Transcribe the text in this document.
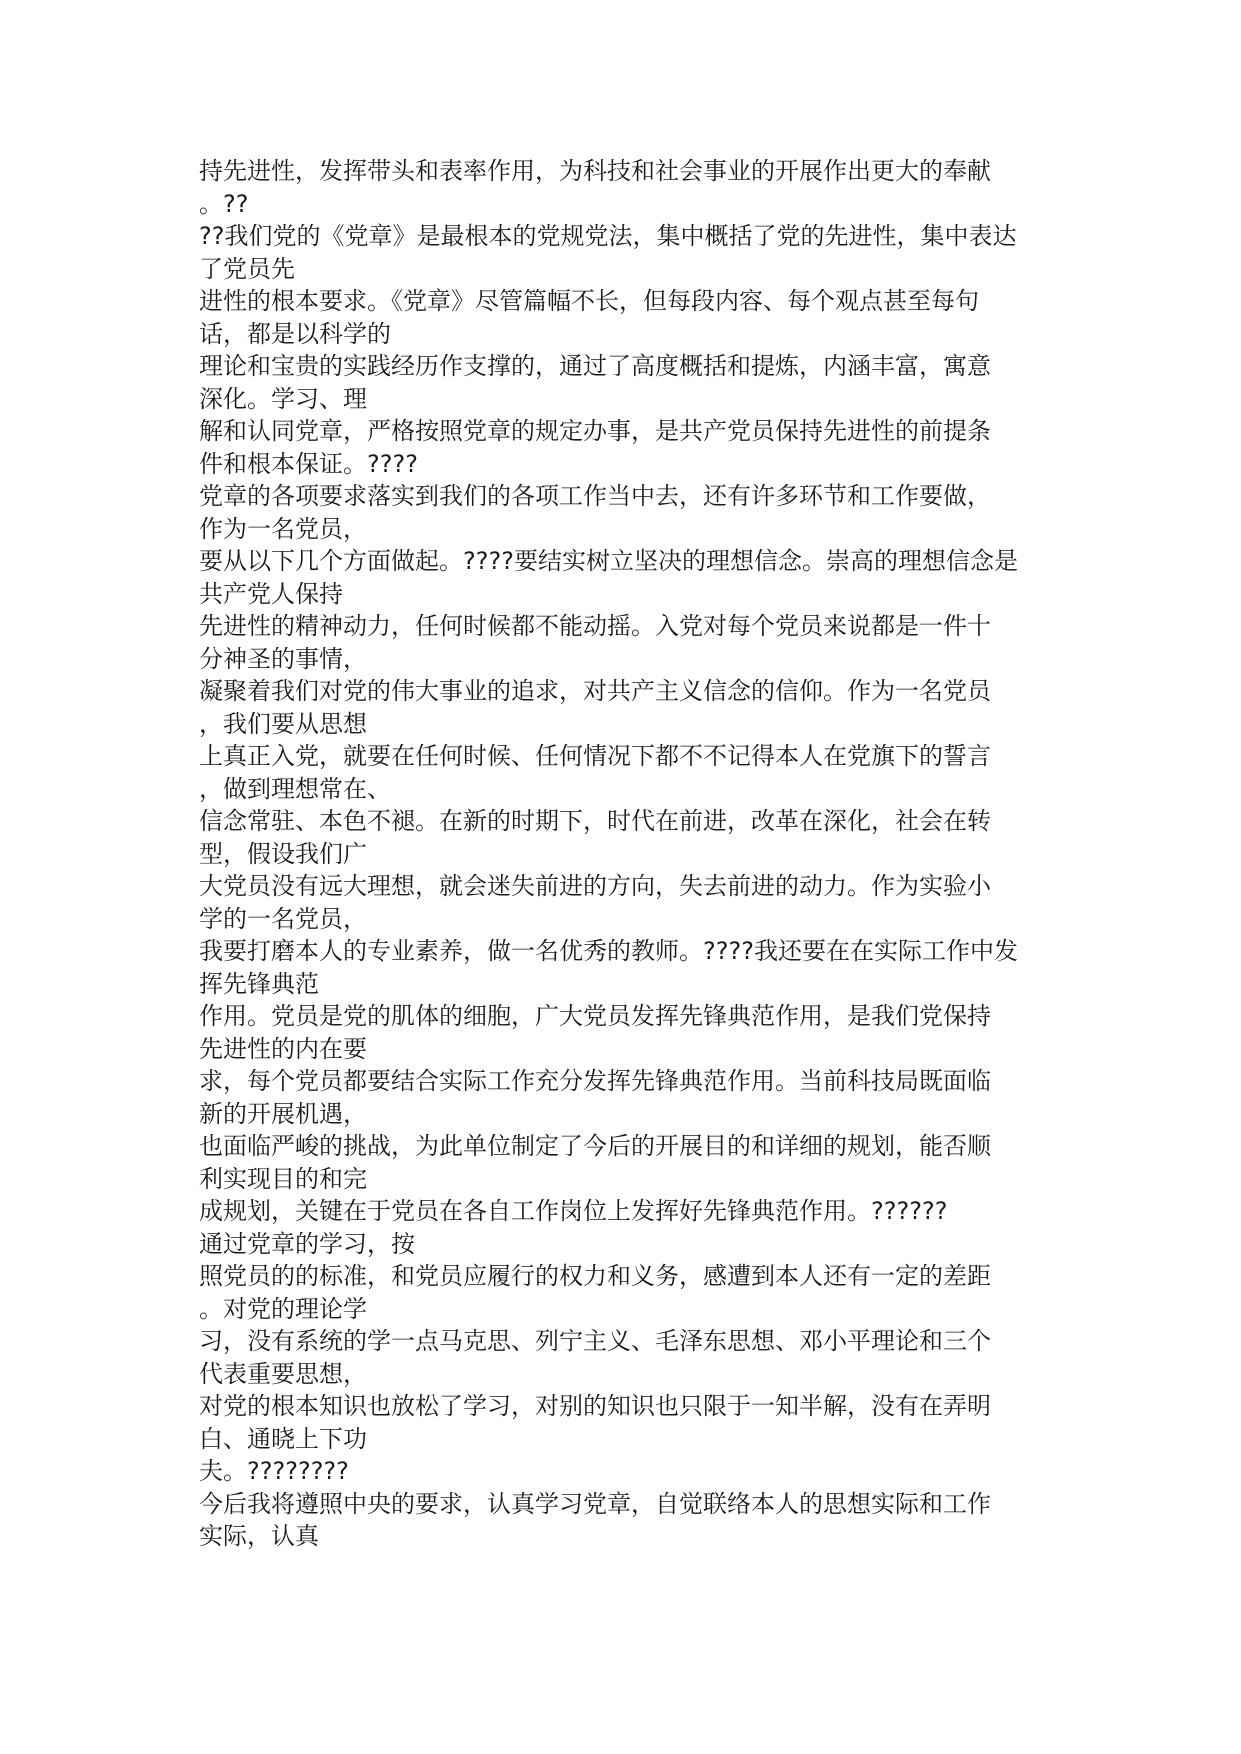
持先进性，发挥带头和表率作用，为科技和社会事业的开展作出更大的奉献
。??
??我们党的《党章》是最根本的党规党法，集中概括了党的先进性，集中表达
了党员先
进性的根本要求。《党章》尽管篇幅不长，但每段内容、每个观点甚至每句
话，都是以科学的
理论和宝贵的实践经历作支撑的，通过了高度概括和提炼，内涵丰富，寓意
深化。学习、理
解和认同党章，严格按照党章的规定办事，是共产党员保持先进性的前提条
件和根本保证。????
党章的各项要求落实到我们的各项工作当中去，还有许多环节和工作要做，
作为一名党员，
要从以下几个方面做起。????要结实树立坚决的理想信念。崇高的理想信念是
共产党人保持
先进性的精神动力，任何时候都不能动摇。入党对每个党员来说都是一件十
分神圣的事情，
凝聚着我们对党的伟大事业的追求，对共产主义信念的信仰。作为一名党员
，我们要从思想
上真正入党，就要在任何时候、任何情况下都不不记得本人在党旗下的誓言
，做到理想常在、
信念常驻、本色不褪。在新的时期下，时代在前进，改革在深化，社会在转
型，假设我们广
大党员没有远大理想，就会迷失前进的方向，失去前进的动力。作为实验小
学的一名党员，
我要打磨本人的专业素养，做一名优秀的教师。????我还要在在实际工作中发
挥先锋典范
作用。党员是党的肌体的细胞，广大党员发挥先锋典范作用，是我们党保持
先进性的内在要
求，每个党员都要结合实际工作充分发挥先锋典范作用。当前科技局既面临
新的开展机遇，
也面临严峻的挑战，为此单位制定了今后的开展目的和详细的规划，能否顺
利实现目的和完
成规划，关键在于党员在各自工作岗位上发挥好先锋典范作用。??????
通过党章的学习，按
照党员的的标准，和党员应履行的权力和义务，感遭到本人还有一定的差距
。对党的理论学
习，没有系统的学一点马克思、列宁主义、毛泽东思想、邓小平理论和三个
代表重要思想，
对党的根本知识也放松了学习，对别的知识也只限于一知半解，没有在弄明
白、通晓上下功
夫。????????
今后我将遵照中央的要求，认真学习党章，自觉联络本人的思想实际和工作
实际，认真
